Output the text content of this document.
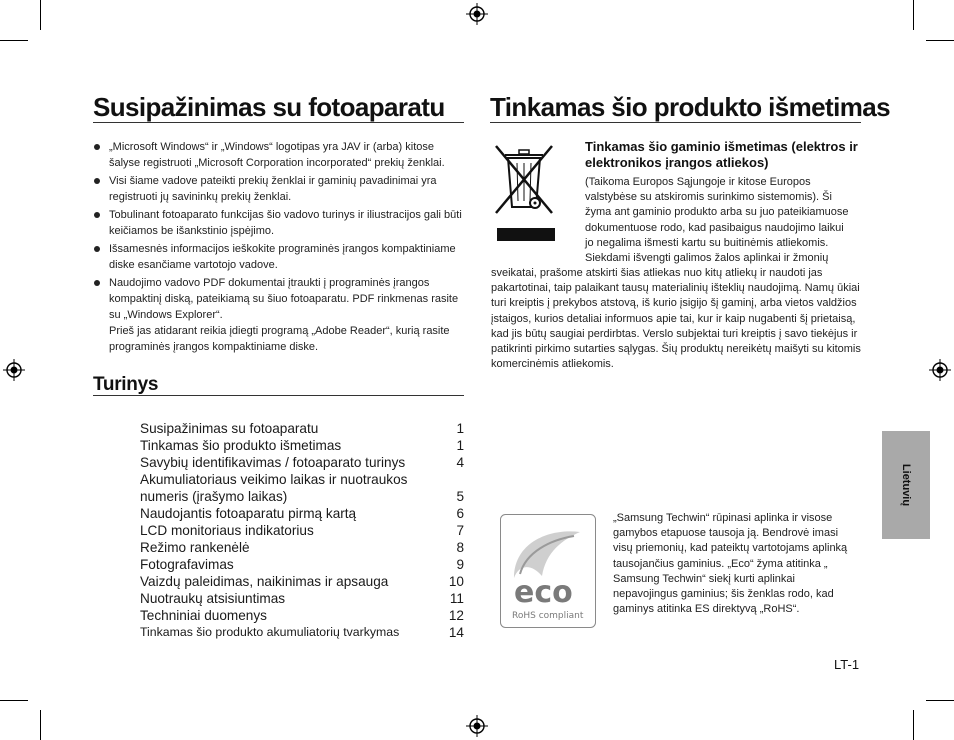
Susipažinimas su fotoaparatu
„Microsoft Windows“ ir „Windows“ logotipas yra JAV ir (arba) kitose šalyse registruoti „Microsoft Corporation incorporated“ prekių ženklai.
Visi šiame vadove pateikti prekių ženklai ir gaminių pavadinimai yra registruoti jų savininkų prekių ženklai.
Tobulinant fotoaparato funkcijas šio vadovo turinys ir iliustracijos gali būti keičiamos be išankstinio įspėjimo.
Išsamesnės informacijos ieškokite programinės įrangos kompaktiniame diske esančiame vartotojo vadove.
Naudojimo vadovo PDF dokumentai įtraukti į programinės įrangos kompaktinį diską, pateikiamą su šiuo fotoaparatu. PDF rinkmenas rasite su „Windows Explorer“.
Prieš jas atidarant reikia įdiegti programą „Adobe Reader“, kurią rasite programinės įrangos kompaktiniame diske.
Turinys
Susipažinimas su fotoaparatu	1
Tinkamas šio produkto išmetimas	1
Savybių identifikavimas / fotoaparato turinys	4
Akumuliatoriaus veikimo laikas ir nuotraukos
numeris (įrašymo laikas)	5
Naudojantis fotoaparatu pirmą kartą	6
LCD monitoriaus indikatorius	7
Režimo rankenėlė	8
Fotografavimas	9
Vaizdų paleidimas, naikinimas ir apsauga	10
Nuotraukų atsisiuntimas	11
Techniniai duomenys	12
Tinkamas šio produkto akumuliatorių tvarkymas	14
Tinkamas šio produkto išmetimas
Tinkamas šio gaminio išmetimas (elektros ir elektronikos įrangos atliekos)
(Taikoma Europos Sąjungoje ir kitose Europos
valstybėse su atskiromis surinkimo sistemomis). Ši
žyma ant gaminio produkto arba su juo pateikiamuose
dokumentuose rodo, kad pasibaigus naudojimo laikui
jo negalima išmesti kartu su buitinėmis atliekomis.
Siekdami išvengti galimos žalos aplinkai ir žmonių
sveikatai, prašome atskirti šias atliekas nuo kitų atliekų ir naudoti jas pakartotinai, taip palaikant tausų materialinių išteklių naudojimą. Namų ūkiai turi kreiptis į prekybos atstovą, iš kurio įsigijo šį gaminį, arba vietos valdžios įstaigos, kurios detaliai informuos apie tai, kur ir kaip nugabenti šį prietaisą, kad jis būtų saugiai perdirbtas. Verslo subjektai turi kreiptis į savo tiekėjus ir patikrinti pirkimo sutarties sąlygas. Šių produktų nereikėtų maišyti su kitomis komercinėmis atliekomis.
eco
RoHS compliant
„Samsung Techwin“ rūpinasi aplinka ir visose gamybos etapuose tausoja ją. Bendrovė imasi visų priemonių, kad pateiktų vartotojams aplinką tausojančius gaminius. „Eco“ žyma atitinka „ Samsung Techwin“ siekį kurti aplinkai nepavojingus gaminius; šis ženklas rodo, kad gaminys atitinka ES direktyvą „RoHS“.
Lietuvių
LT-1
